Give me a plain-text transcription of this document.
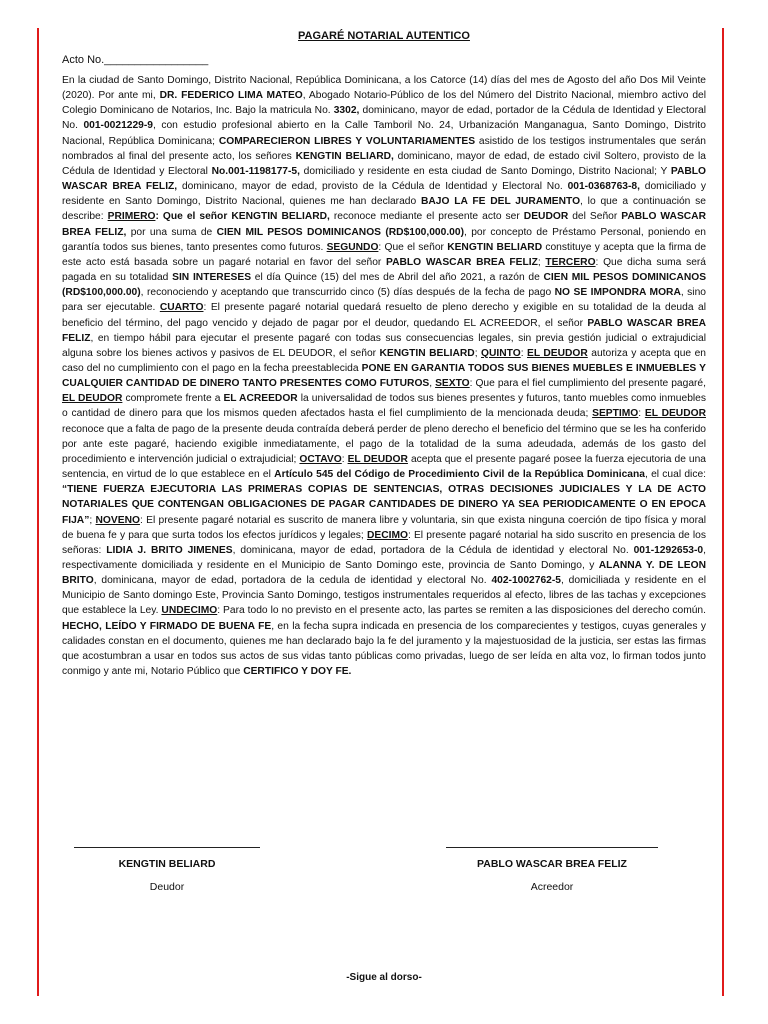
PAGARÉ NOTARIAL AUTENTICO
Acto No._________________
En la ciudad de Santo Domingo, Distrito Nacional, República Dominicana, a los Catorce (14) días del mes de Agosto del año Dos Mil Veinte (2020). Por ante mi, DR. FEDERICO LIMA MATEO, Abogado Notario-Público de los del Número del Distrito Nacional, miembro activo del Colegio Dominicano de Notarios, Inc. Bajo la matricula No. 3302, dominicano, mayor de edad, portador de la Cédula de Identidad y Electoral No. 001-0021229-9, con estudio profesional abierto en la Calle Tamboril No. 24, Urbanización Manganagua, Santo Domingo, Distrito Nacional, República Dominicana; COMPARECIERON LIBRES Y VOLUNTARIAMENTES asistido de los testigos instrumentales que serán nombrados al final del presente acto, los señores KENGTIN BELIARD, dominicano, mayor de edad, de estado civil Soltero, provisto de la Cédula de Identidad y Electoral No.001-1198177-5, domiciliado y residente en esta ciudad de Santo Domingo, Distrito Nacional; Y PABLO WASCAR BREA FELIZ, dominicano, mayor de edad, provisto de la Cédula de Identidad y Electoral No. 001-0368763-8, domiciliado y residente en Santo Domingo, Distrito Nacional, quienes me han declarado BAJO LA FE DEL JURAMENTO, lo que a continuación se describe: PRIMERO: Que el señor KENGTIN BELIARD, reconoce mediante el presente acto ser DEUDOR del Señor PABLO WASCAR BREA FELIZ, por una suma de CIEN MIL PESOS DOMINICANOS (RD$100,000.00), por concepto de Préstamo Personal, poniendo en garantía todos sus bienes, tanto presentes como futuros. SEGUNDO: Que el señor KENGTIN BELIARD constituye y acepta que la firma de este acto está basada sobre un pagaré notarial en favor del señor PABLO WASCAR BREA FELIZ; TERCERO: Que dicha suma será pagada en su totalidad SIN INTERESES el día Quince (15) del mes de Abril del año 2021, a razón de CIEN MIL PESOS DOMINICANOS (RD$100,000.00), reconociendo y aceptando que transcurrido cinco (5) días después de la fecha de pago NO SE IMPONDRA MORA, sino para ser ejecutable. CUARTO: El presente pagaré notarial quedará resuelto de pleno derecho y exigible en su totalidad de la deuda al beneficio del término, del pago vencido y dejado de pagar por el deudor, quedando EL ACREEDOR, el señor PABLO WASCAR BREA FELIZ, en tiempo hábil para ejecutar el presente pagaré con todas sus consecuencias legales, sin previa gestión judicial o extrajudicial alguna sobre los bienes activos y pasivos de EL DEUDOR, el señor KENGTIN BELIARD; QUINTO: EL DEUDOR autoriza y acepta que en caso del no cumplimiento con el pago en la fecha preestablecida PONE EN GARANTIA TODOS SUS BIENES MUEBLES E INMUEBLES Y CUALQUIER CANTIDAD DE DINERO TANTO PRESENTES COMO FUTUROS, SEXTO: Que para el fiel cumplimiento del presente pagaré, EL DEUDOR compromete frente a EL ACREEDOR la universalidad de todos sus bienes presentes y futuros, tanto muebles como inmuebles o cantidad de dinero para que los mismos queden afectados hasta el fiel cumplimiento de la mencionada deuda; SEPTIMO: EL DEUDOR reconoce que a falta de pago de la presente deuda contraída deberá perder de pleno derecho el beneficio del término que se les ha conferido por ante este pagaré, haciendo exigible inmediatamente, el pago de la totalidad de la suma adeudada, además de los gasto del procedimiento e intervención judicial o extrajudicial; OCTAVO: EL DEUDOR acepta que el presente pagaré posee la fuerza ejecutoria de una sentencia, en virtud de lo que establece en el Artículo 545 del Código de Procedimiento Civil de la República Dominicana, el cual dice: “TIENE FUERZA EJECUTORIA LAS PRIMERAS COPIAS DE SENTENCIAS, OTRAS DECISIONES JUDICIALES Y LA DE ACTO NOTARIALES QUE CONTENGAN OBLIGACIONES DE PAGAR CANTIDADES DE DINERO YA SEA PERIODICAMENTE O EN EPOCA FIJA”; NOVENO: El presente pagaré notarial es suscrito de manera libre y voluntaria, sin que exista ninguna coerción de tipo física y moral de buena fe y para que surta todos los efectos jurídicos y legales; DECIMO: El presente pagaré notarial ha sido suscrito en presencia de los señoras: LIDIA J. BRITO JIMENES, dominicana, mayor de edad, portadora de la Cédula de identidad y electoral No. 001-1292653-0, respectivamente domiciliada y residente en el Municipio de Santo Domingo este, provincia de Santo Domingo, y ALANNA Y. DE LEON BRITO, dominicana, mayor de edad, portadora de la cedula de identidad y electoral No. 402-1002762-5, domiciliada y residente en el Municipio de Santo domingo Este, Provincia Santo Domingo, testigos instrumentales requeridos al efecto, libres de las tachas y excepciones que establece la Ley. UNDECIMO: Para todo lo no previsto en el presente acto, las partes se remiten a las disposiciones del derecho común. HECHO, LEÍDO Y FIRMADO DE BUENA FE, en la fecha supra indicada en presencia de los comparecientes y testigos, cuyas generales y calidades constan en el documento, quienes me han declarado bajo la fe del juramento y la majestuosidad de la justicia, ser estas las firmas que acostumbran a usar en todos sus actos de sus vidas tanto públicas como privadas, luego de ser leída en alta voz, lo firman todos junto conmigo y ante mi, Notario Público que CERTIFICO Y DOY FE.
KENGTIN BELIARD	PABLO WASCAR BREA FELIZ
Deudor	Acreedor
-Sigue al dorso-
